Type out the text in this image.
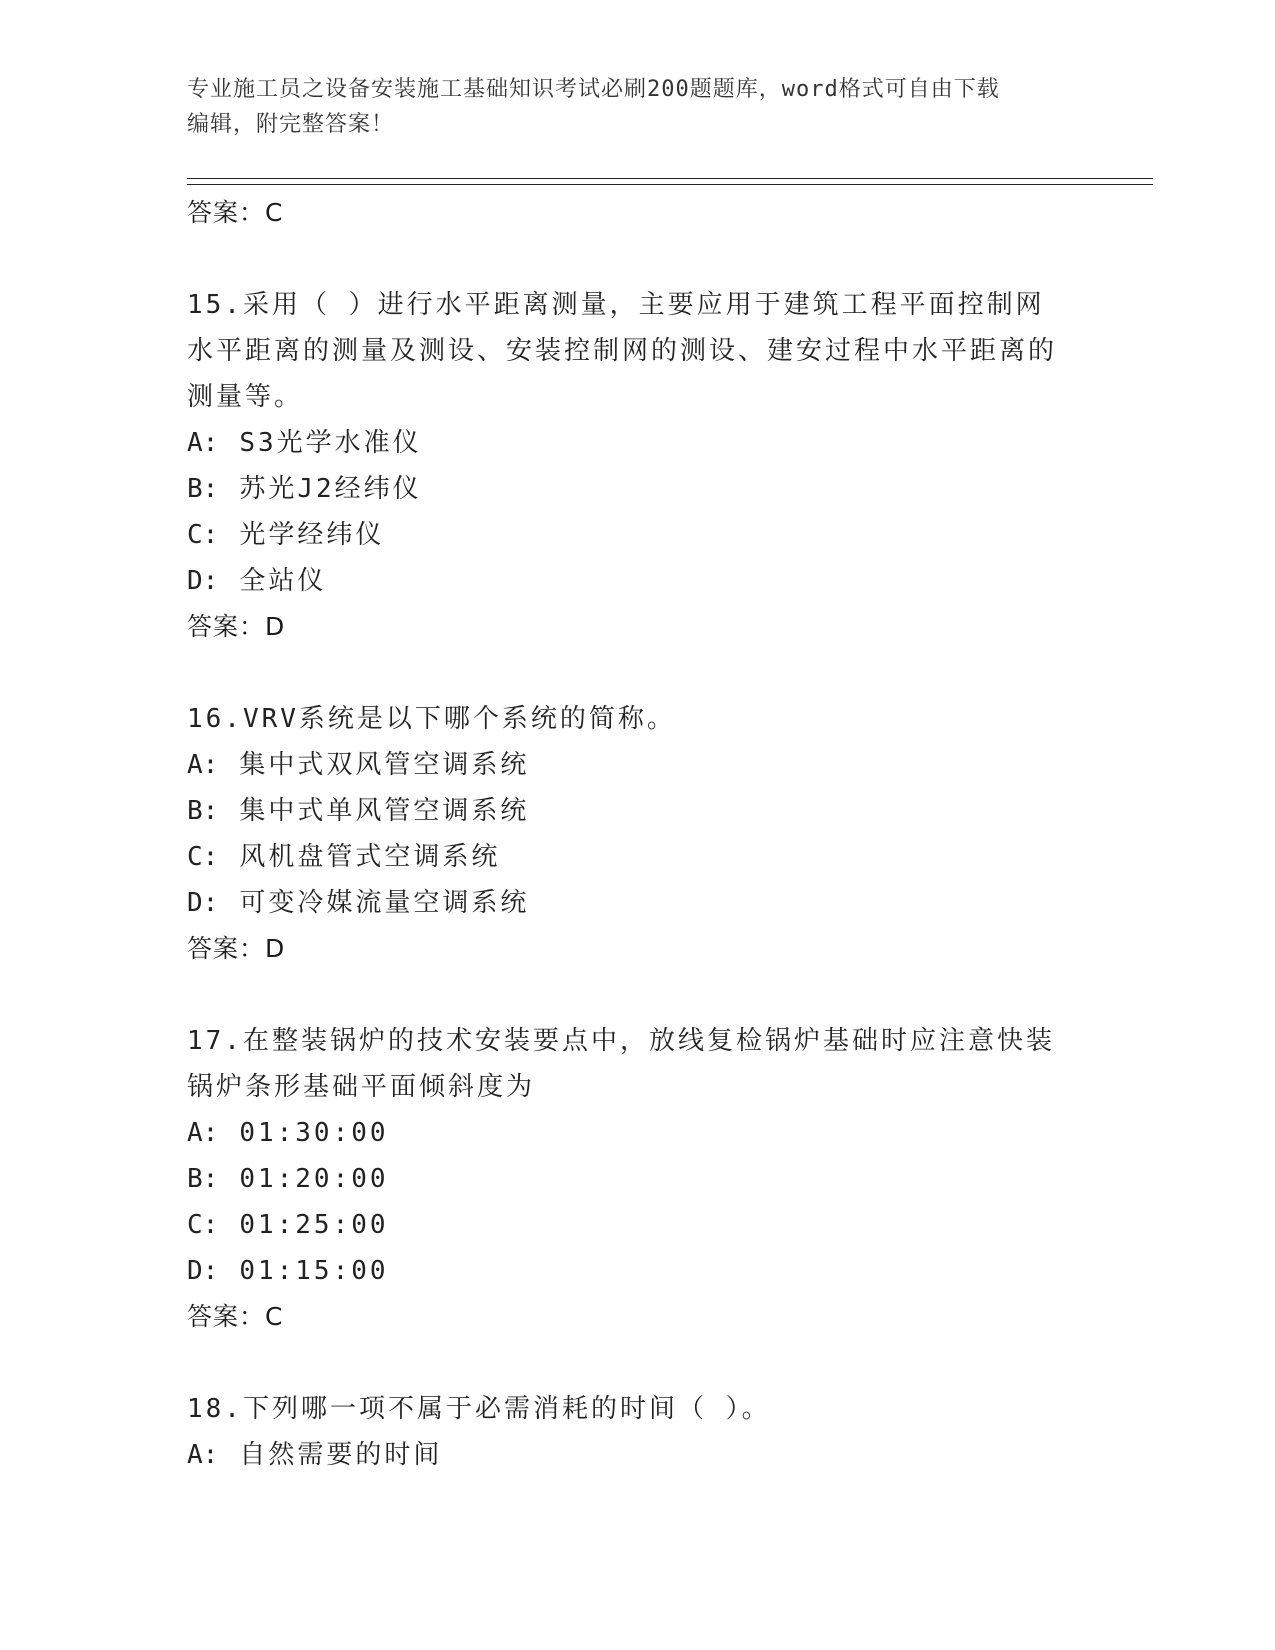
专业施工员之设备安装施工基础知识考试必刷200题题库，word格式可自由下载
编辑，附完整答案！
答案：C
15.采用（ ）进行水平距离测量，主要应用于建筑工程平面控制网水平距离的测量及测设、安装控制网的测设、建安过程中水平距离的测量等。
A: S3光学水准仪
B: 苏光J2经纬仪
C: 光学经纬仪
D: 全站仪
答案：D
16.VRV系统是以下哪个系统的简称。
A: 集中式双风管空调系统
B: 集中式单风管空调系统
C: 风机盘管式空调系统
D: 可变冷媒流量空调系统
答案：D
17.在整装锅炉的技术安装要点中，放线复检锅炉基础时应注意快装锅炉条形基础平面倾斜度为
A: 01:30:00
B: 01:20:00
C: 01:25:00
D: 01:15:00
答案：C
18.下列哪一项不属于必需消耗的时间（ ）。
A: 自然需要的时间
